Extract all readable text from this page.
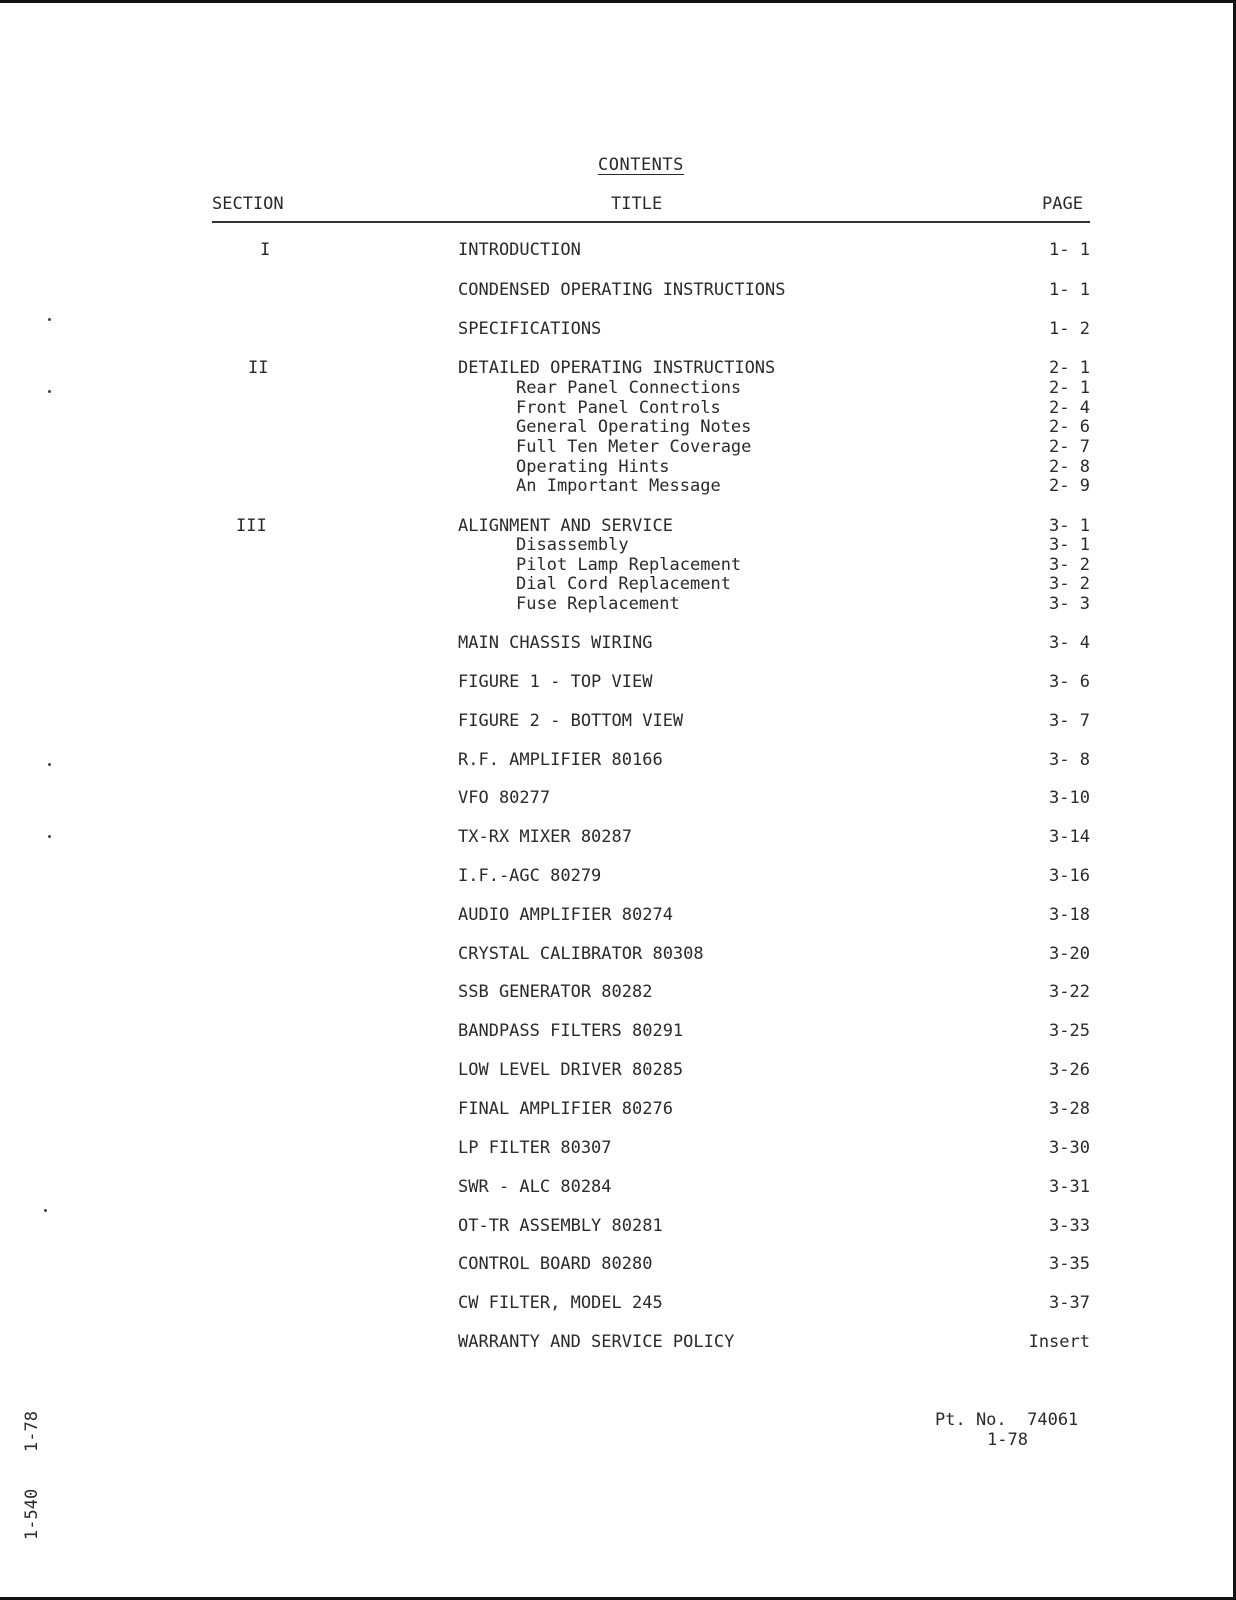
CONTENTS
SECTION	TITLE	PAGE
I	INTRODUCTION	1- 1
CONDENSED OPERATING INSTRUCTIONS	1- 1
SPECIFICATIONS	1- 2
II	DETAILED OPERATING INSTRUCTIONS	2- 1
Rear Panel Connections	2- 1
Front Panel Controls	2- 4
General Operating Notes	2- 6
Full Ten Meter Coverage	2- 7
Operating Hints	2- 8
An Important Message	2- 9
III	ALIGNMENT AND SERVICE	3- 1
Disassembly	3- 1
Pilot Lamp Replacement	3- 2
Dial Cord Replacement	3- 2
Fuse Replacement	3- 3
MAIN CHASSIS WIRING	3- 4
FIGURE 1 - TOP VIEW	3- 6
FIGURE 2 - BOTTOM VIEW	3- 7
R.F. AMPLIFIER 80166	3- 8
VFO 80277	3-10
TX-RX MIXER 80287	3-14
I.F.-AGC 80279	3-16
AUDIO AMPLIFIER 80274	3-18
CRYSTAL CALIBRATOR 80308	3-20
SSB GENERATOR 80282	3-22
BANDPASS FILTERS 80291	3-25
LOW LEVEL DRIVER 80285	3-26
FINAL AMPLIFIER 80276	3-28
LP FILTER 80307	3-30
SWR - ALC 80284	3-31
OT-TR ASSEMBLY 80281	3-33
CONTROL BOARD 80280	3-35
CW FILTER, MODEL 245	3-37
WARRANTY AND SERVICE POLICY	Insert
Pt. No.  74061
1-78
1-78
1-540
